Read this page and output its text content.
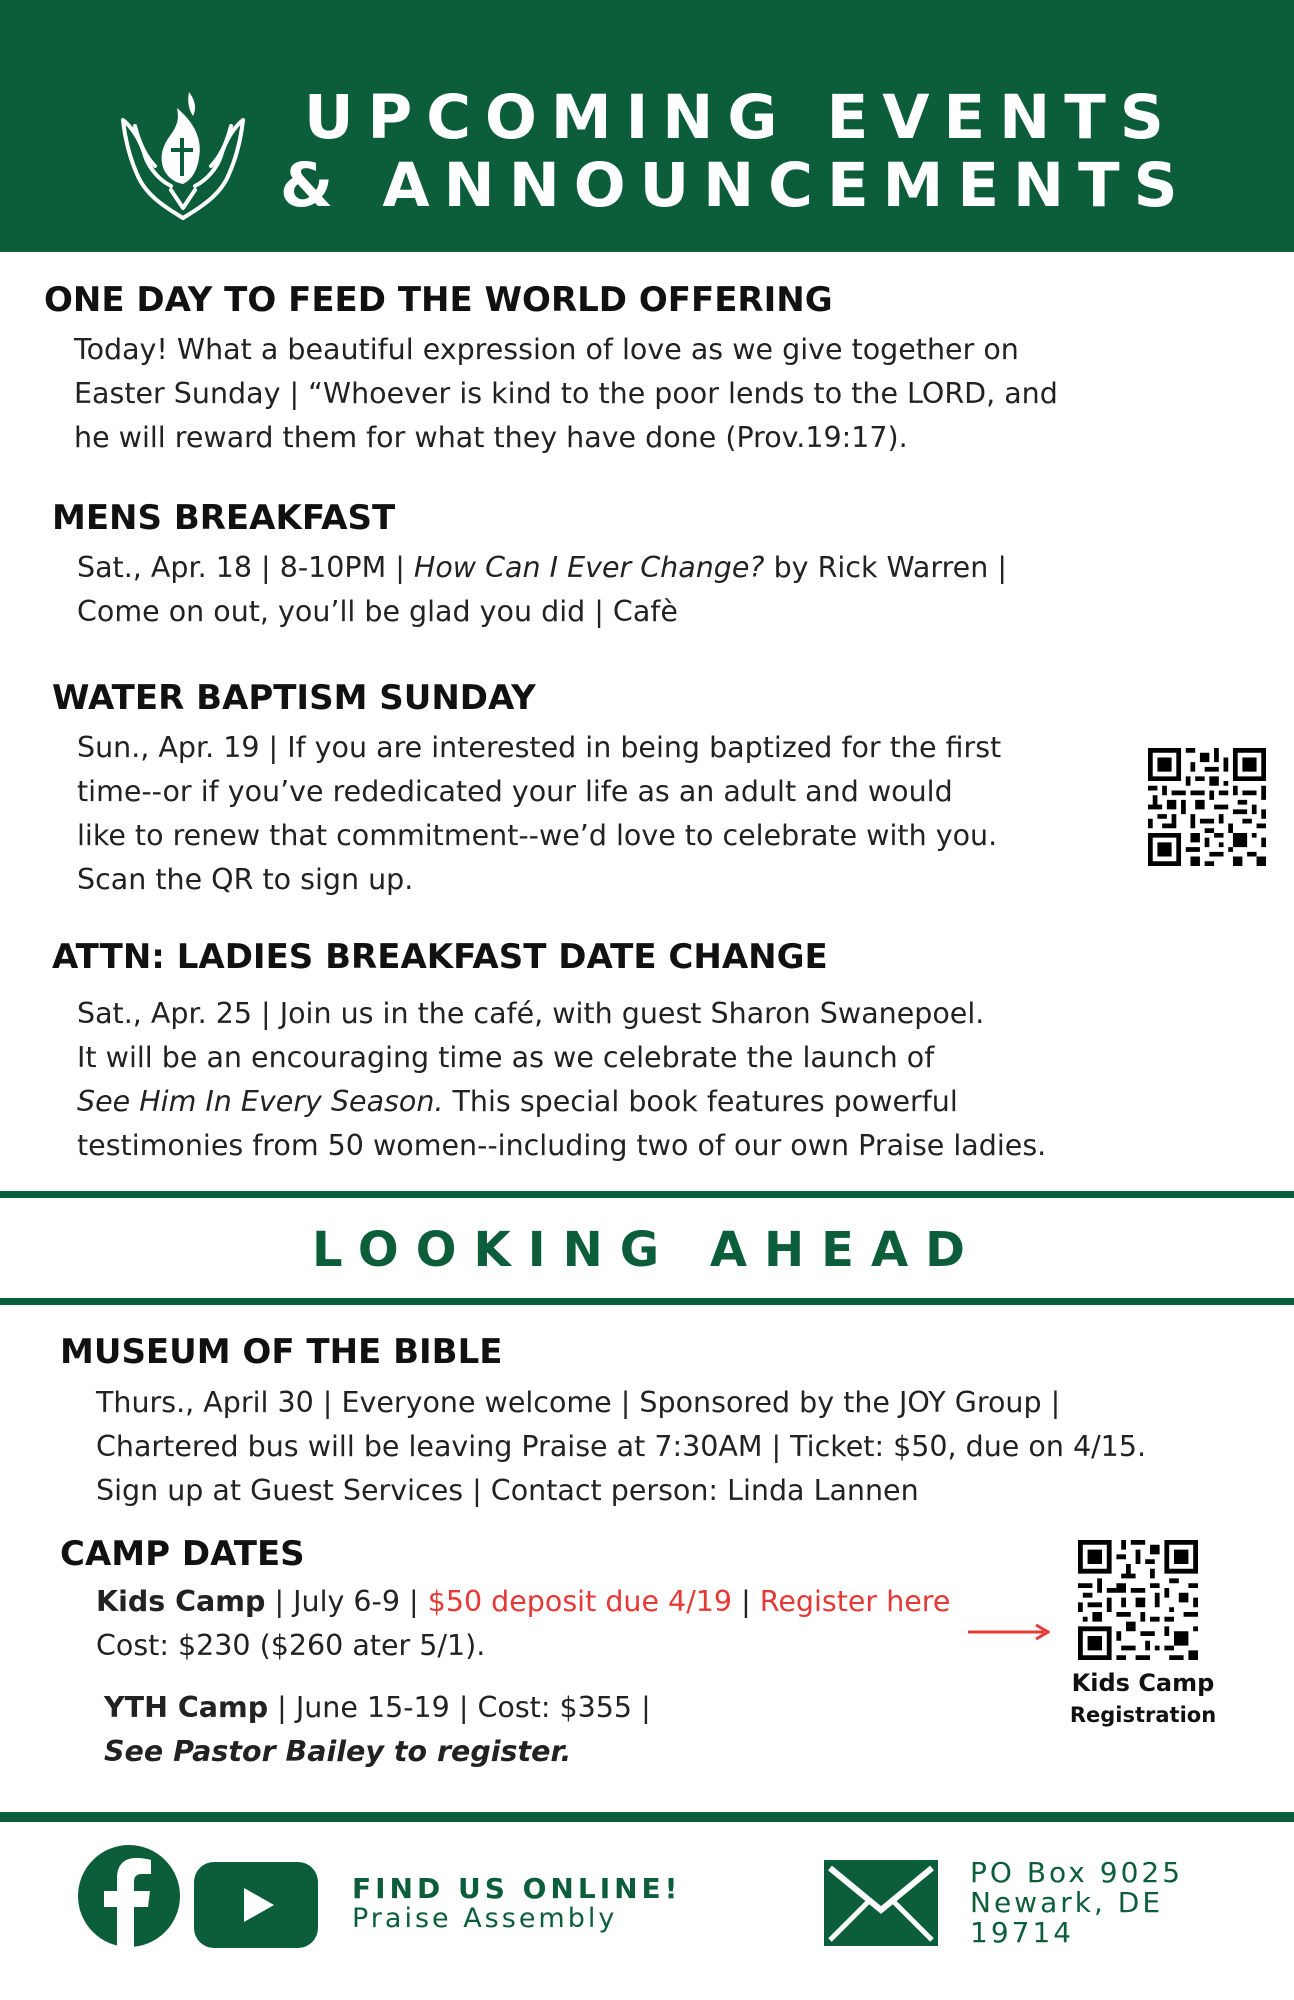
UPCOMING EVENTS
& ANNOUNCEMENTS
ONE DAY TO FEED THE WORLD OFFERING
Today! What a beautiful expression of love as we give together on
Easter Sunday | “Whoever is kind to the poor lends to the LORD, and
he will reward them for what they have done (Prov.19:17).
MENS BREAKFAST
Sat., Apr. 18 | 8-10PM | How Can I Ever Change? by Rick Warren |
Come on out, you’ll be glad you did | Cafè
WATER BAPTISM SUNDAY
Sun., Apr. 19 | If you are interested in being baptized for the first
time--or if you’ve rededicated your life as an adult and would
like to renew that commitment--we’d love to celebrate with you.
Scan the QR to sign up.
ATTN: LADIES BREAKFAST DATE CHANGE
Sat., Apr. 25 | Join us in the café, with guest Sharon Swanepoel.
It will be an encouraging time as we celebrate the launch of
See Him In Every Season. This special book features powerful
testimonies from 50 women--including two of our own Praise ladies.
LOOKING AHEAD
MUSEUM OF THE BIBLE
Thurs., April 30 | Everyone welcome | Sponsored by the JOY Group |
Chartered bus will be leaving Praise at 7:30AM | Ticket: $50, due on 4/15.
Sign up at Guest Services | Contact person: Linda Lannen
CAMP DATES
Kids Camp | July 6-9 | $50 deposit due 4/19 | Register here
Cost: $230 ($260 ater 5/1).
YTH Camp | June 15-19 | Cost: $355 |
See Pastor Bailey to register.
Kids Camp
Registration
FIND US ONLINE!
Praise Assembly
PO Box 9025
Newark, DE
19714
